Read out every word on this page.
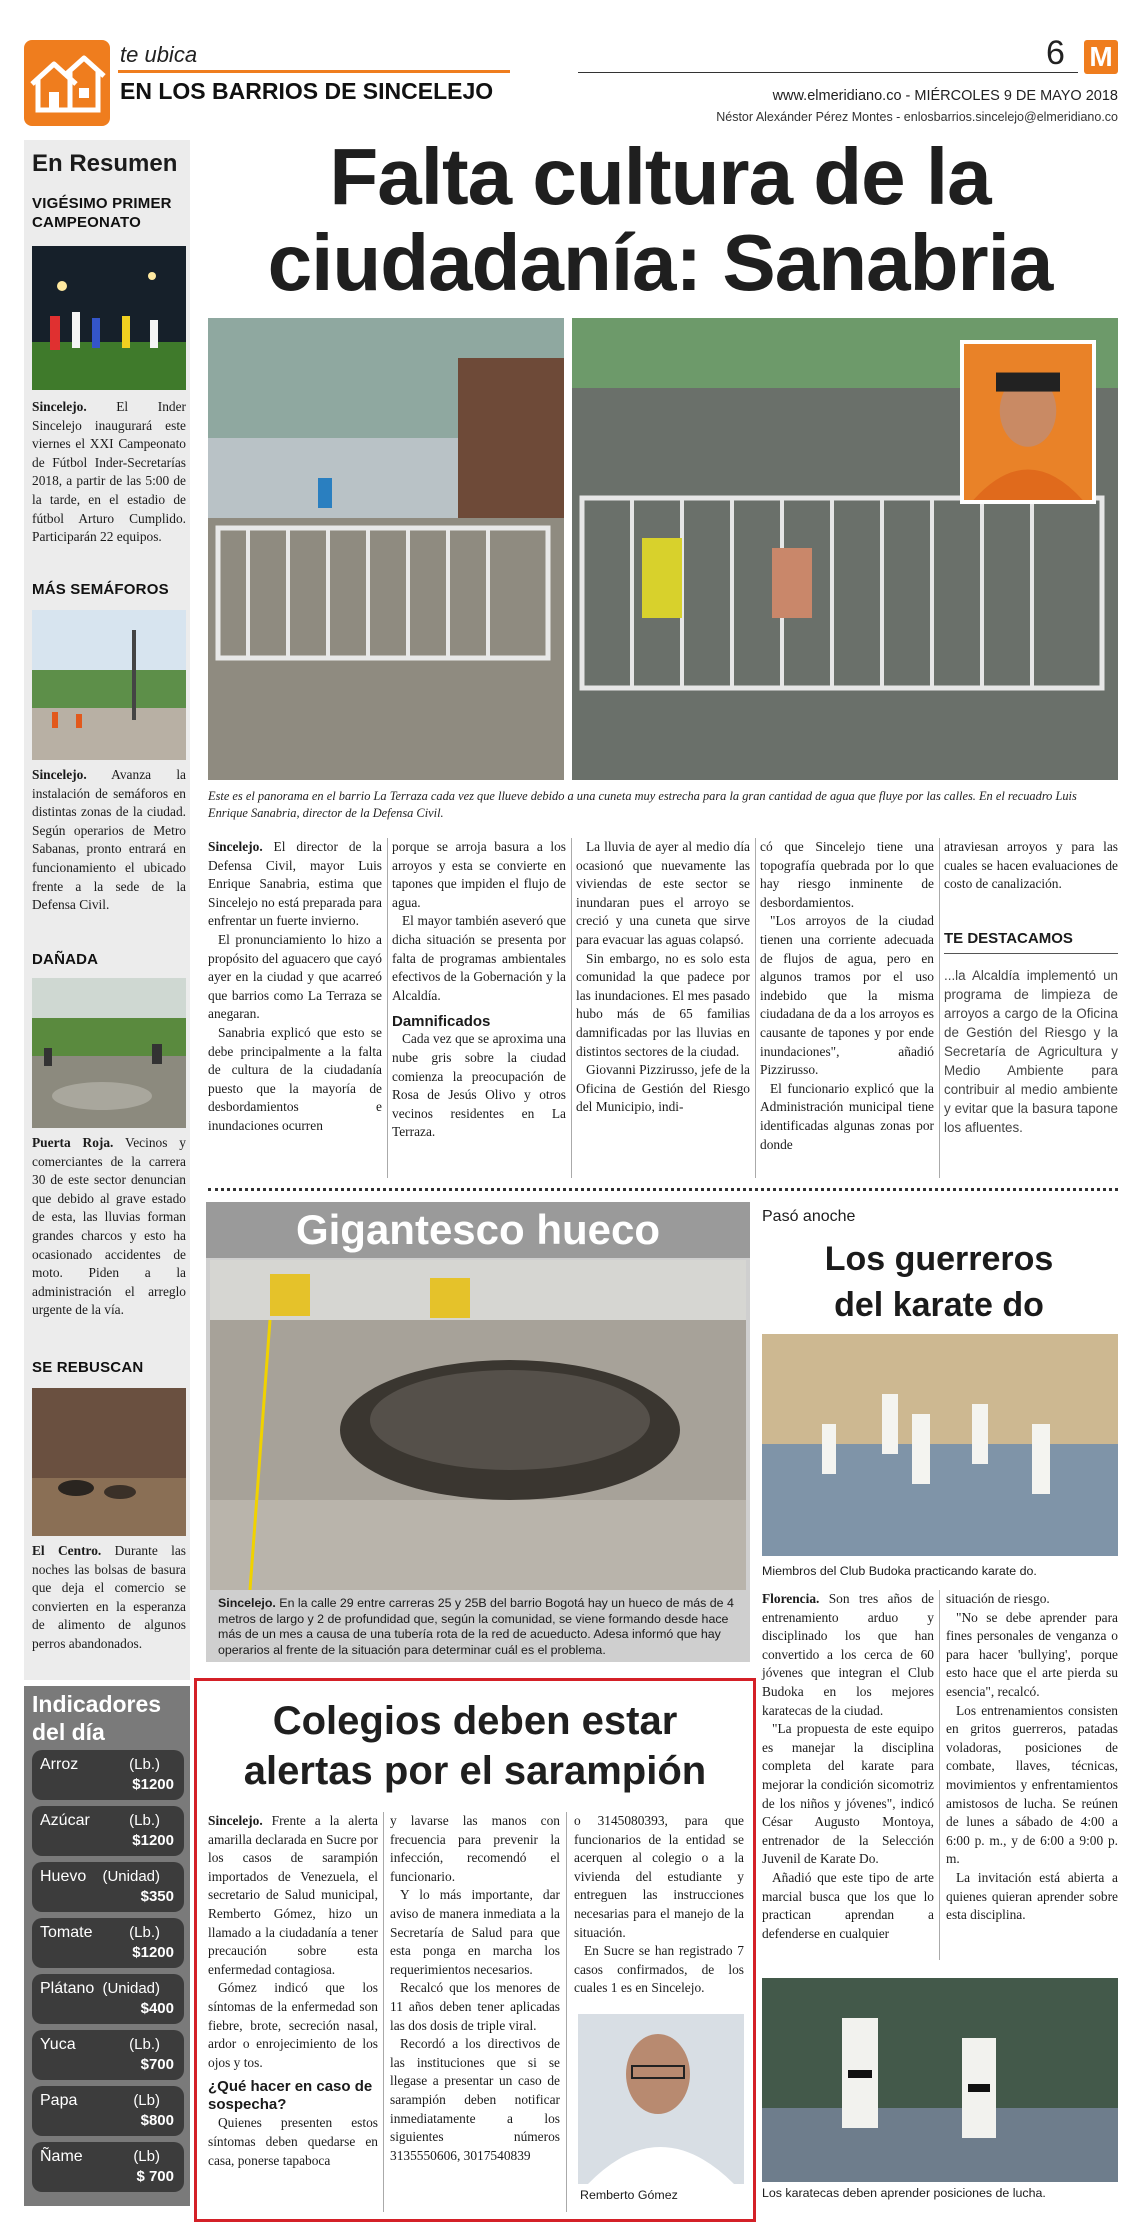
te ubica
EN LOS BARRIOS DE SINCELEJO
6 M
www.elmeridiano.co - MIÉRCOLES 9 DE MAYO 2018
Néstor Alexánder Pérez Montes - enlosbarrios.sincelejo@elmeridiano.co
En Resumen
VIGÉSIMO PRIMER CAMPEONATO

Sincelejo. El Inder Sincelejo inaugurará este viernes el XXI Campeonato de Fútbol Inder-Secretarías 2018, a partir de las 5:00 de la tarde, en el estadio de fútbol Arturo Cumplido. Participarán 22 equipos.

MÁS SEMÁFOROS

Sincelejo. Avanza la instalación de semáforos en distintas zonas de la ciudad. Según operarios de Metro Sabanas, pronto entrará en funcionamiento el ubicado frente a la sede de la Defensa Civil.

DAÑADA

Puerta Roja. Vecinos y comerciantes de la carrera 30 de este sector denuncian que debido al grave estado de esta, las lluvias forman grandes charcos y esto ha ocasionado accidentes de moto. Piden a la administración el arreglo urgente de la vía.

SE REBUSCAN

El Centro. Durante las noches las bolsas de basura que deja el comercio se convierten en la esperanza de alimento de algunos perros abandonados.

Indicadores
del día
Arroz	(Lb.)
$1200
Azúcar	(Lb.)
$1200
Huevo (Unidad)
$350
Tomate (Lb.)
$1200
Plátano (Unidad)
$400
Yuca	(Lb.)
$700
Papa	(Lb)
$800
Ñame	(Lb)
$ 700
Falta cultura de la
ciudadanía: Sanabria
Este es el panorama en el barrio La Terraza cada vez que llueve debido a una cuneta muy estrecha para la gran cantidad de agua que fluye por las calles. En el recuadro Luis Enrique Sanabria, director de la Defensa Civil.

Sincelejo. El director de la Defensa Civil, mayor Luis Enrique Sanabria, estima que Sincelejo no está preparada para enfrentar un fuerte invierno.

El pronunciamiento lo hizo a propósito del aguacero que cayó ayer en la ciudad y que acarreó que barrios como La Terraza se anegaran.

Sanabria explicó que esto se debe principalmente a la falta de cultura de la ciudadanía puesto que la mayoría de desbordamientos e inundaciones ocurren

porque se arroja basura a los arroyos y esta se convierte en tapones que impiden el flujo de agua.

El mayor también aseveró que dicha situación se presenta por falta de programas ambientales efectivos de la Gobernación y la Alcaldía.

Damnificados

Cada vez que se aproxima una nube gris sobre la ciudad comienza la preocupación de Rosa de Jesús Olivo y otros vecinos residentes en La Terraza.

La lluvia de ayer al medio día ocasionó que nuevamente las viviendas de este sector se inundaran pues el arroyo se creció y una cuneta que sirve para evacuar las aguas colapsó.

Sin embargo, no es solo esta comunidad la que padece por las inundaciones. El mes pasado hubo más de 65 familias damnificadas por las lluvias en distintos sectores de la ciudad.

Giovanni Pizzirusso, jefe de la Oficina de Gestión del Riesgo del Municipio, indi-

có que Sincelejo tiene una topografía quebrada por lo que hay riesgo inminente de desbordamientos.

"Los arroyos de la ciudad tienen una corriente adecuada de flujos de agua, pero en algunos tramos por el uso indebido que la misma ciudadana de da a los arroyos es causante de tapones y por ende inundaciones", añadió Pizzirusso.

El funcionario explicó que la Administración municipal tiene identificadas algunas zonas por donde

atraviesan arroyos y para las cuales se hacen evaluaciones de costo de canalización.

TE DESTACAMOS

...la Alcaldía implementó un programa de limpieza de arroyos a cargo de la Oficina de Gestión del Riesgo y la Secretaría de Agricultura y Medio Ambiente para contribuir al medio ambiente y evitar que la basura tapone los afluentes.

Gigantesco hueco
Sincelejo. En la calle 29 entre carreras 25 y 25B del barrio Bogotá hay un hueco de más de 4 metros de largo y 2 de profundidad que, según la comunidad, se viene formando desde hace más de un mes a causa de una tubería rota de la red de acueducto. Adesa informó que hay operarios al frente de la situación para determinar cuál es el problema.
Pasó anoche
Los guerreros
del karate do
Miembros del Club Budoka practicando karate do.

Florencia. Son tres años de entrenamiento arduo y disciplinado los que han convertido a los cerca de 60 jóvenes que integran el Club Budoka en los mejores karatecas de la ciudad.

"La propuesta de este equipo es manejar la disciplina completa del karate para mejorar la condición sicomotriz de los niños y jóvenes", indicó César Augusto Montoya, entrenador de la Selección Juvenil de Karate Do.

Añadió que este tipo de arte marcial busca que los que lo practican aprendan a defenderse en cualquier

situación de riesgo.

"No se debe aprender para fines personales de venganza o para hacer 'bullying', porque esto hace que el arte pierda su esencia", recalcó.

Los entrenamientos consisten en gritos guerreros, patadas voladoras, posiciones de combate, llaves, técnicas, movimientos y enfrentamientos amistosos de lucha. Se reúnen de lunes a sábado de 4:00 a 6:00 p. m., y de 6:00 a 9:00 p. m.

La invitación está abierta a quienes quieran aprender sobre esta disciplina.

Los karatecas deben aprender posiciones de lucha.
Colegios deben estar
alertas por el sarampión

Sincelejo. Frente a la alerta amarilla declarada en Sucre por los casos de sarampión importados de Venezuela, el secretario de Salud municipal, Remberto Gómez, hizo un llamado a la ciudadanía a tener precaución sobre esta enfermedad contagiosa.

Gómez indicó que los síntomas de la enfermedad son fiebre, brote, secreción nasal, ardor o enrojecimiento de los ojos y tos.

¿Qué hacer en caso de sospecha?

Quienes presenten estos síntomas deben quedarse en casa, ponerse tapaboca

y lavarse las manos con frecuencia para prevenir la infección, recomendó el funcionario.

Y lo más importante, dar aviso de manera inmediata a la Secretaría de Salud para que esta ponga en marcha los requerimientos necesarios.

Recalcó que los menores de 11 años deben tener aplicadas las dos dosis de triple viral.

Recordó a los directivos de las instituciones que si se llegase a presentar un caso de sarampión deben notificar inmediatamente a los siguientes números 3135550606, 3017540839

o 3145080393, para que funcionarios de la entidad se acerquen al colegio o a la vivienda del estudiante y entreguen las instrucciones necesarias para el manejo de la situación.

En Sucre se han registrado 7 casos confirmados, de los cuales 1 es en Sincelejo.

Remberto Gómez
